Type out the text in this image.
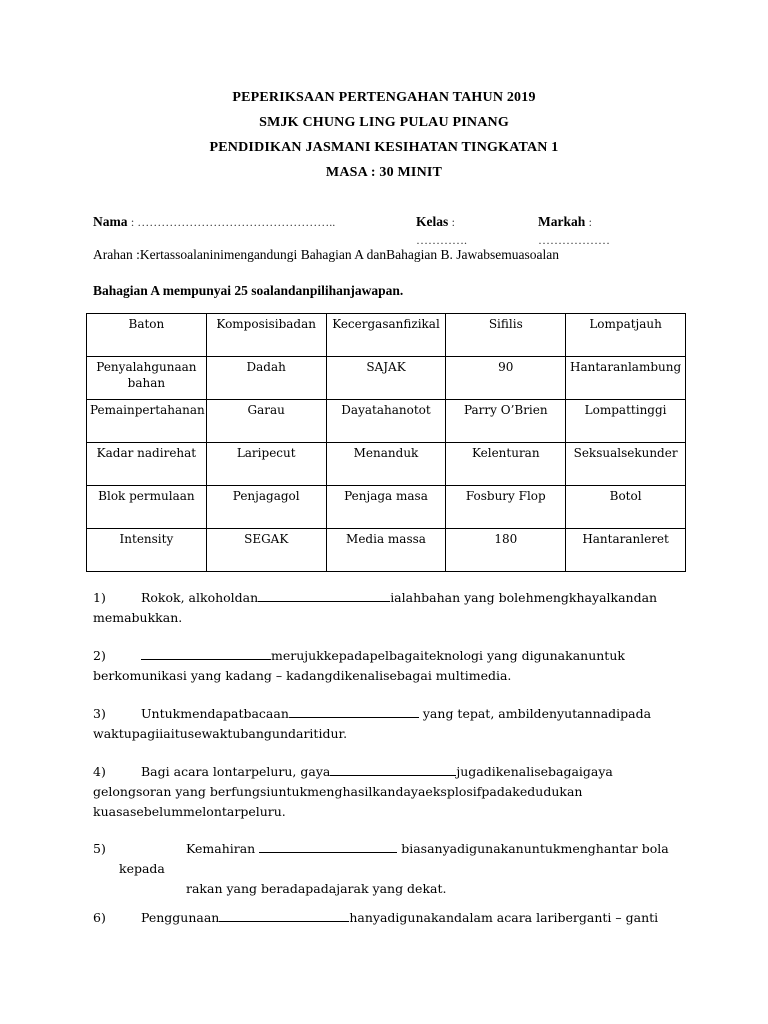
PEPERIKSAAN PERTENGAHAN TAHUN 2019
SMJK CHUNG LING PULAU PINANG
PENDIDIKAN JASMANI KESIHATAN TINGKATAN 1
MASA : 30 MINIT
Nama : …………………………………………..	Kelas :
………….
Markah :
………………
Arahan :Kertassoalaninimengandungi Bahagian A danBahagian B. Jawabsemuasoalan
Bahagian A mempunyai 25 soalandanpilihanjawapan.
Baton	Komposisibadan	Kecergasanfizikal	Sifilis	Lompatjauh
Penyalahgunaan bahan	Dadah	SAJAK	90	Hantaranlambung
Pemainpertahanan	Garau	Dayatahanotot	Parry O’Brien	Lompattinggi
Kadar nadirehat	Laripecut	Menanduk	Kelenturan	Seksualsekunder
Blok permulaan	Penjagagol	Penjaga masa	Fosbury Flop	Botol
Intensity	SEGAK	Media massa	180	Hantaranleret
1)	Rokok, alkoholdan	ialahbahan yang bolehmengkhayalkandan
memabukkan.
2)	merujukkepadapelbagaiteknologi yang digunakanuntuk
berkomunikasi yang kadang – kadangdikenalisebagai multimedia.
3)	Untukmendapatbacaan	yang tepat, ambildenyutannadipada
waktupagiiaitusewaktubangundaritidur.
4)	Bagi acara lontarpeluru, gaya	jugadikenalisebagaigaya
gelongsoran yang berfungsiuntukmenghasilkandayaeksplosifpadakedudukan
kuasasebelummelontarpeluru.
5)	Kemahiran	biasanyadigunakanuntukmenghantar bola
kepada
rakan yang beradapadajarak yang dekat.
6)	Penggunaan	hanyadigunakandalam acara lariberganti – ganti
